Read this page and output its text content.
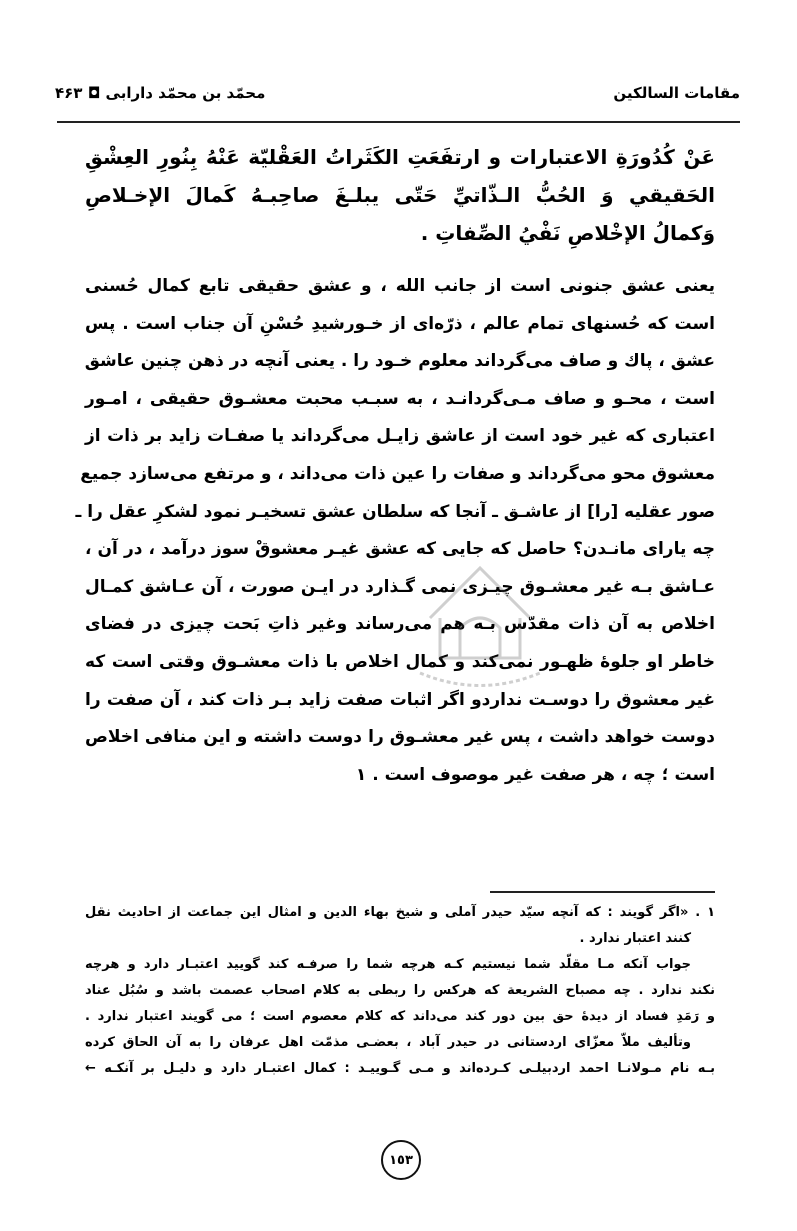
محمّد بن محمّد دارابی ◘ ۴۶۳	مقامات السالکین
عَنْ كُدُورَةِ الاعتبارات و ارتفَعَتِ الكَثَراتُ العَقْليّة عَنْهُ بِنُورِ العِشْقِ
الحَقيقي وَ الحُبُّ الـذّاتيِّ حَتّى يبلـغَ صاحِبـهُ كَمالَ الإخـلاصِ
وَكمالُ الإخْلاصِ نَفْيُ الصِّفاتِ .
يعنى عشق جنونی است از جانب الله ، و عشق حقيقى تابع كمال حُسنى
است كه حُسنهای تمام عالم ، ذرّه‌ای از خـورشيدِ حُسْنِ آن جناب است . پس
عشق ، پاك و صاف می‌گرداند معلوم خـود را . يعنى آنچه در ذهن چنين عاشق
است ، محـو و صاف مـی‌گردانـد ، به سبـب محبت معشـوق حقيقى ، امـور
اعتبارى كه غير خود است از عاشق زايـل می‌گرداند يا صفـات زايد بر ذات از
معشوق محو می‌گرداند و صفات را عين ذات می‌داند ، و مرتفع می‌سازد جميع
صور عقليه [را] از عاشـق ـ آنجا كه سلطان عشق تسخيـر نمود لشكرِ عقل را ـ
چه يارای مانـدن؟ حاصل كه جايی كه عشق غيـر معشوقْ سوز درآمد ، در آن ،
عـاشق بـه غير معشـوق چيـزى نمی گـذارد در ايـن صورت ، آن عـاشق كمـال
اخلاص به آن ذات مقدّس بـه هم می‌رساند وغير ذاتِ بَحت چيزى در فضاى
خاطر او جلوهٔ ظهـور نمی‌كند و كمال اخلاص با ذات معشـوق وقتى است كه
غير معشوق را دوسـت نداردو اگر اثبات صفت زايد بـر ذات كند ، آن صفت را
دوست خواهد داشت ، پس غير معشـوق را دوست داشته و اين منافى اخلاص
است ؛ چه ، هر صفت غير موصوف است . ١

١ . «اگر گويند : كه آنچه سيّد حيدر آملی و شيخ بهاء الدين و امثال اين جماعت از احاديث نقل

كنند اعتبار ندارد .

جواب آنكه مـا مقلّد شما نيستيم كـه هرچه شما را صرفـه كند گوييد اعتبـار دارد و هرچه

نكند ندارد . چه مصباح الشريعة كه هركس را ربطى به كلام اصحاب عصمت باشد و سُبُل عناد

و رَمَدِ فساد از ديدهٔ حق بين دور كند می‌داند كه كلام معصوم است ؛ می گويند اعتبار ندارد .

وتأليف ملاّ معزّاى اردستانى در حيدر آباد ، بعضـى مذمّت اهل عرفان را به آن الحاق كرده

بـه نام مـولانـا احمد اردبيلـى كـرده‌اند و مـى گـوييـد : كمال اعتبـار دارد و دليـل بر آنكـه ←

١٥٣
